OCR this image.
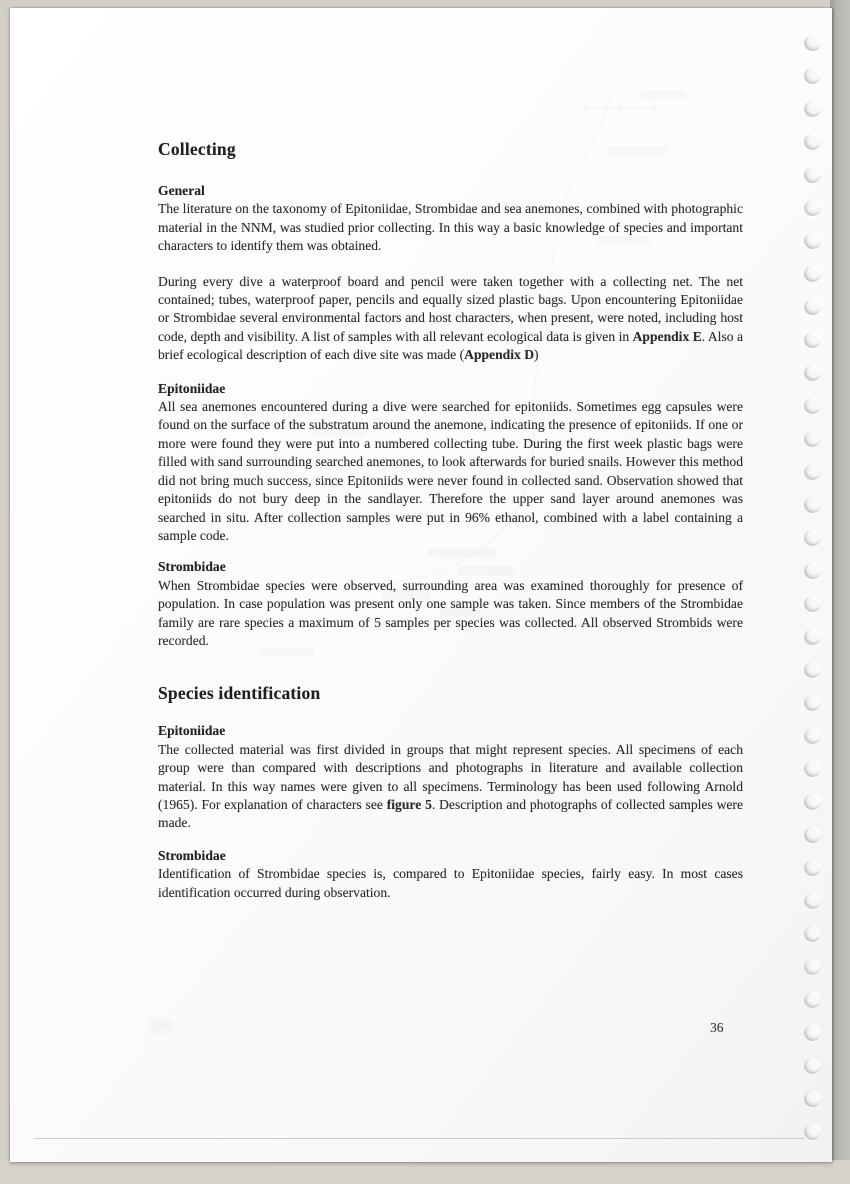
Collecting
General

The literature on the taxonomy of Epitoniidae, Strombidae and sea anemones, combined with photographic material in the NNM, was studied prior collecting. In this way a basic knowledge of species and important characters to identify them was obtained.

During every dive a waterproof board and pencil were taken together with a collecting net. The net contained; tubes, waterproof paper, pencils and equally sized plastic bags. Upon encountering Epitoniidae or Strombidae several environmental factors and host characters, when present, were noted, including host code, depth and visibility. A list of samples with all relevant ecological data is given in Appendix E. Also a brief ecological description of each dive site was made (Appendix D)

Epitoniidae

All sea anemones encountered during a dive were searched for epitoniids. Sometimes egg capsules were found on the surface of the substratum around the anemone, indicating the presence of epitoniids. If one or more were found they were put into a numbered collecting tube. During the first week plastic bags were filled with sand surrounding searched anemones, to look afterwards for buried snails. However this method did not bring much success, since Epitoniids were never found in collected sand. Observation showed that epitoniids do not bury deep in the sandlayer. Therefore the upper sand layer around anemones was searched in situ. After collection samples were put in 96% ethanol, combined with a label containing a sample code.

Strombidae

When Strombidae species were observed, surrounding area was examined thoroughly for presence of population. In case population was present only one sample was taken. Since members of the Strombidae family are rare species a maximum of 5 samples per species was collected. All observed Strombids were recorded.

Species identification
Epitoniidae

The collected material was first divided in groups that might represent species. All specimens of each group were than compared with descriptions and photographs in literature and available collection material. In this way names were given to all specimens. Terminology has been used following Arnold (1965). For explanation of characters see figure 5. Description and photographs of collected samples were made.

Strombidae

Identification of Strombidae species is, compared to Epitoniidae species, fairly easy. In most cases identification occurred during observation.

36
